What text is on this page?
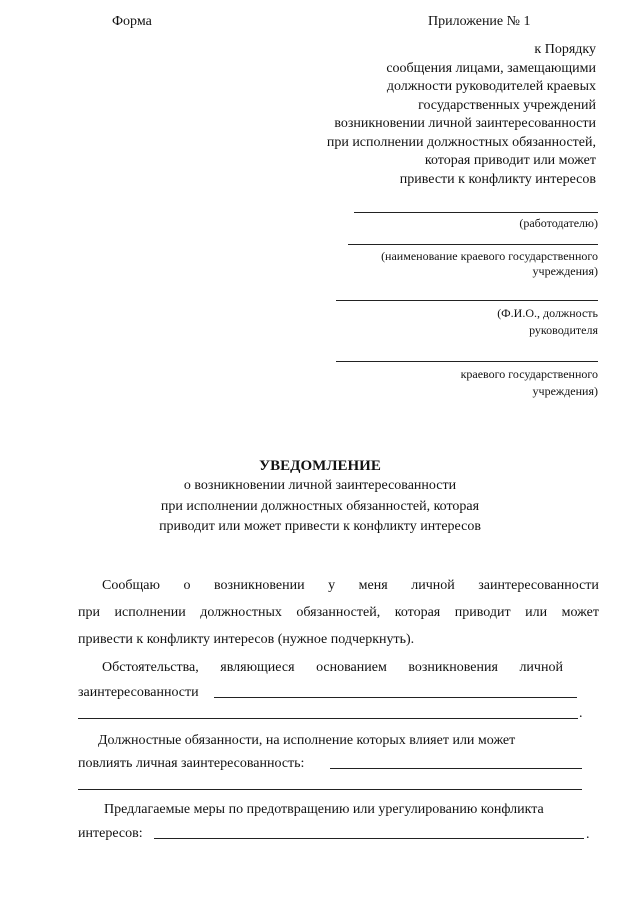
Форма	Приложение № 1
к Порядку
сообщения лицами, замещающими
должности руководителей краевых
государственных учреждений
возникновении личной заинтересованности
при исполнении должностных обязанностей,
которая приводит или может
привести к конфликту интересов
(работодателю)
(наименование краевого государственного
учреждения)
(Ф.И.О., должность
руководителя
краевого государственного
учреждения)
УВЕДОМЛЕНИЕ
о возникновении личной заинтересованности
при исполнении должностных обязанностей, которая
приводит или может привести к конфликту интересов
Сообщаю о возникновении у меня личной заинтересованности
при исполнении должностных обязанностей, которая приводит или может
привести к конфликту интересов (нужное подчеркнуть).
Обстоятельства, являющиеся основанием возникновения личной
заинтересованности
.
Должностные обязанности, на исполнение которых влияет или может
повлиять личная заинтересованность:
Предлагаемые меры по предотвращению или урегулированию конфликта
интересов:	.
